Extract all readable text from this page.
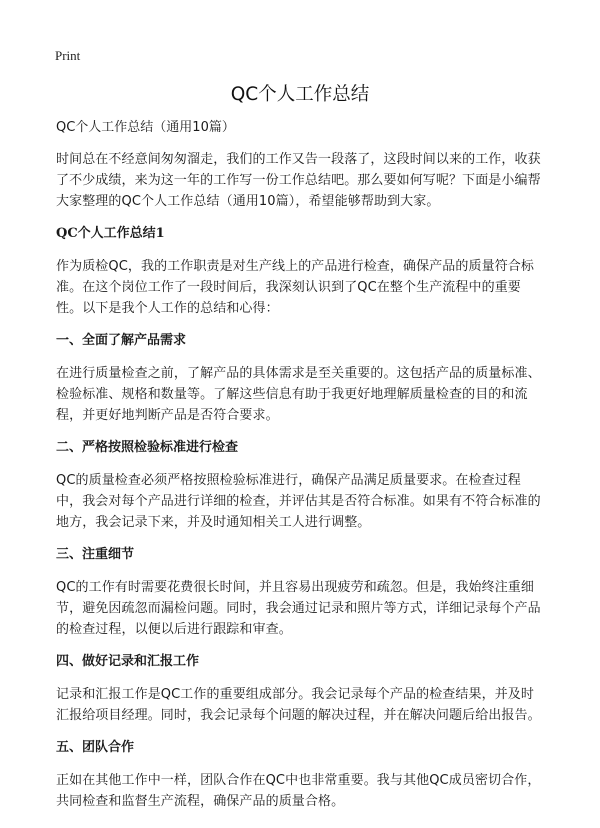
Print
QC个人工作总结
QC个人工作总结（通用10篇）

时间总在不经意间匆匆溜走，我们的工作又告一段落了，这段时间以来的工作，收获了不少成绩，来为这一年的工作写一份工作总结吧。那么要如何写呢？下面是小编帮大家整理的QC个人工作总结（通用10篇），希望能够帮助到大家。

QC个人工作总结1

作为质检QC，我的工作职责是对生产线上的产品进行检查，确保产品的质量符合标准。在这个岗位工作了一段时间后，我深刻认识到了QC在整个生产流程中的重要性。以下是我个人工作的总结和心得：

一、全面了解产品需求

在进行质量检查之前，了解产品的具体需求是至关重要的。这包括产品的质量标准、检验标准、规格和数量等。了解这些信息有助于我更好地理解质量检查的目的和流程，并更好地判断产品是否符合要求。

二、严格按照检验标准进行检查

QC的质量检查必须严格按照检验标准进行，确保产品满足质量要求。在检查过程中，我会对每个产品进行详细的检查，并评估其是否符合标准。如果有不符合标准的地方，我会记录下来，并及时通知相关工人进行调整。

三、注重细节

QC的工作有时需要花费很长时间，并且容易出现疲劳和疏忽。但是，我始终注重细节，避免因疏忽而漏检问题。同时，我会通过记录和照片等方式，详细记录每个产品的检查过程，以便以后进行跟踪和审查。

四、做好记录和汇报工作

记录和汇报工作是QC工作的重要组成部分。我会记录每个产品的检查结果，并及时汇报给项目经理。同时，我会记录每个问题的解决过程，并在解决问题后给出报告。

五、团队合作

正如在其他工作中一样，团队合作在QC中也非常重要。我与其他QC成员密切合作，共同检查和监督生产流程，确保产品的质量合格。
